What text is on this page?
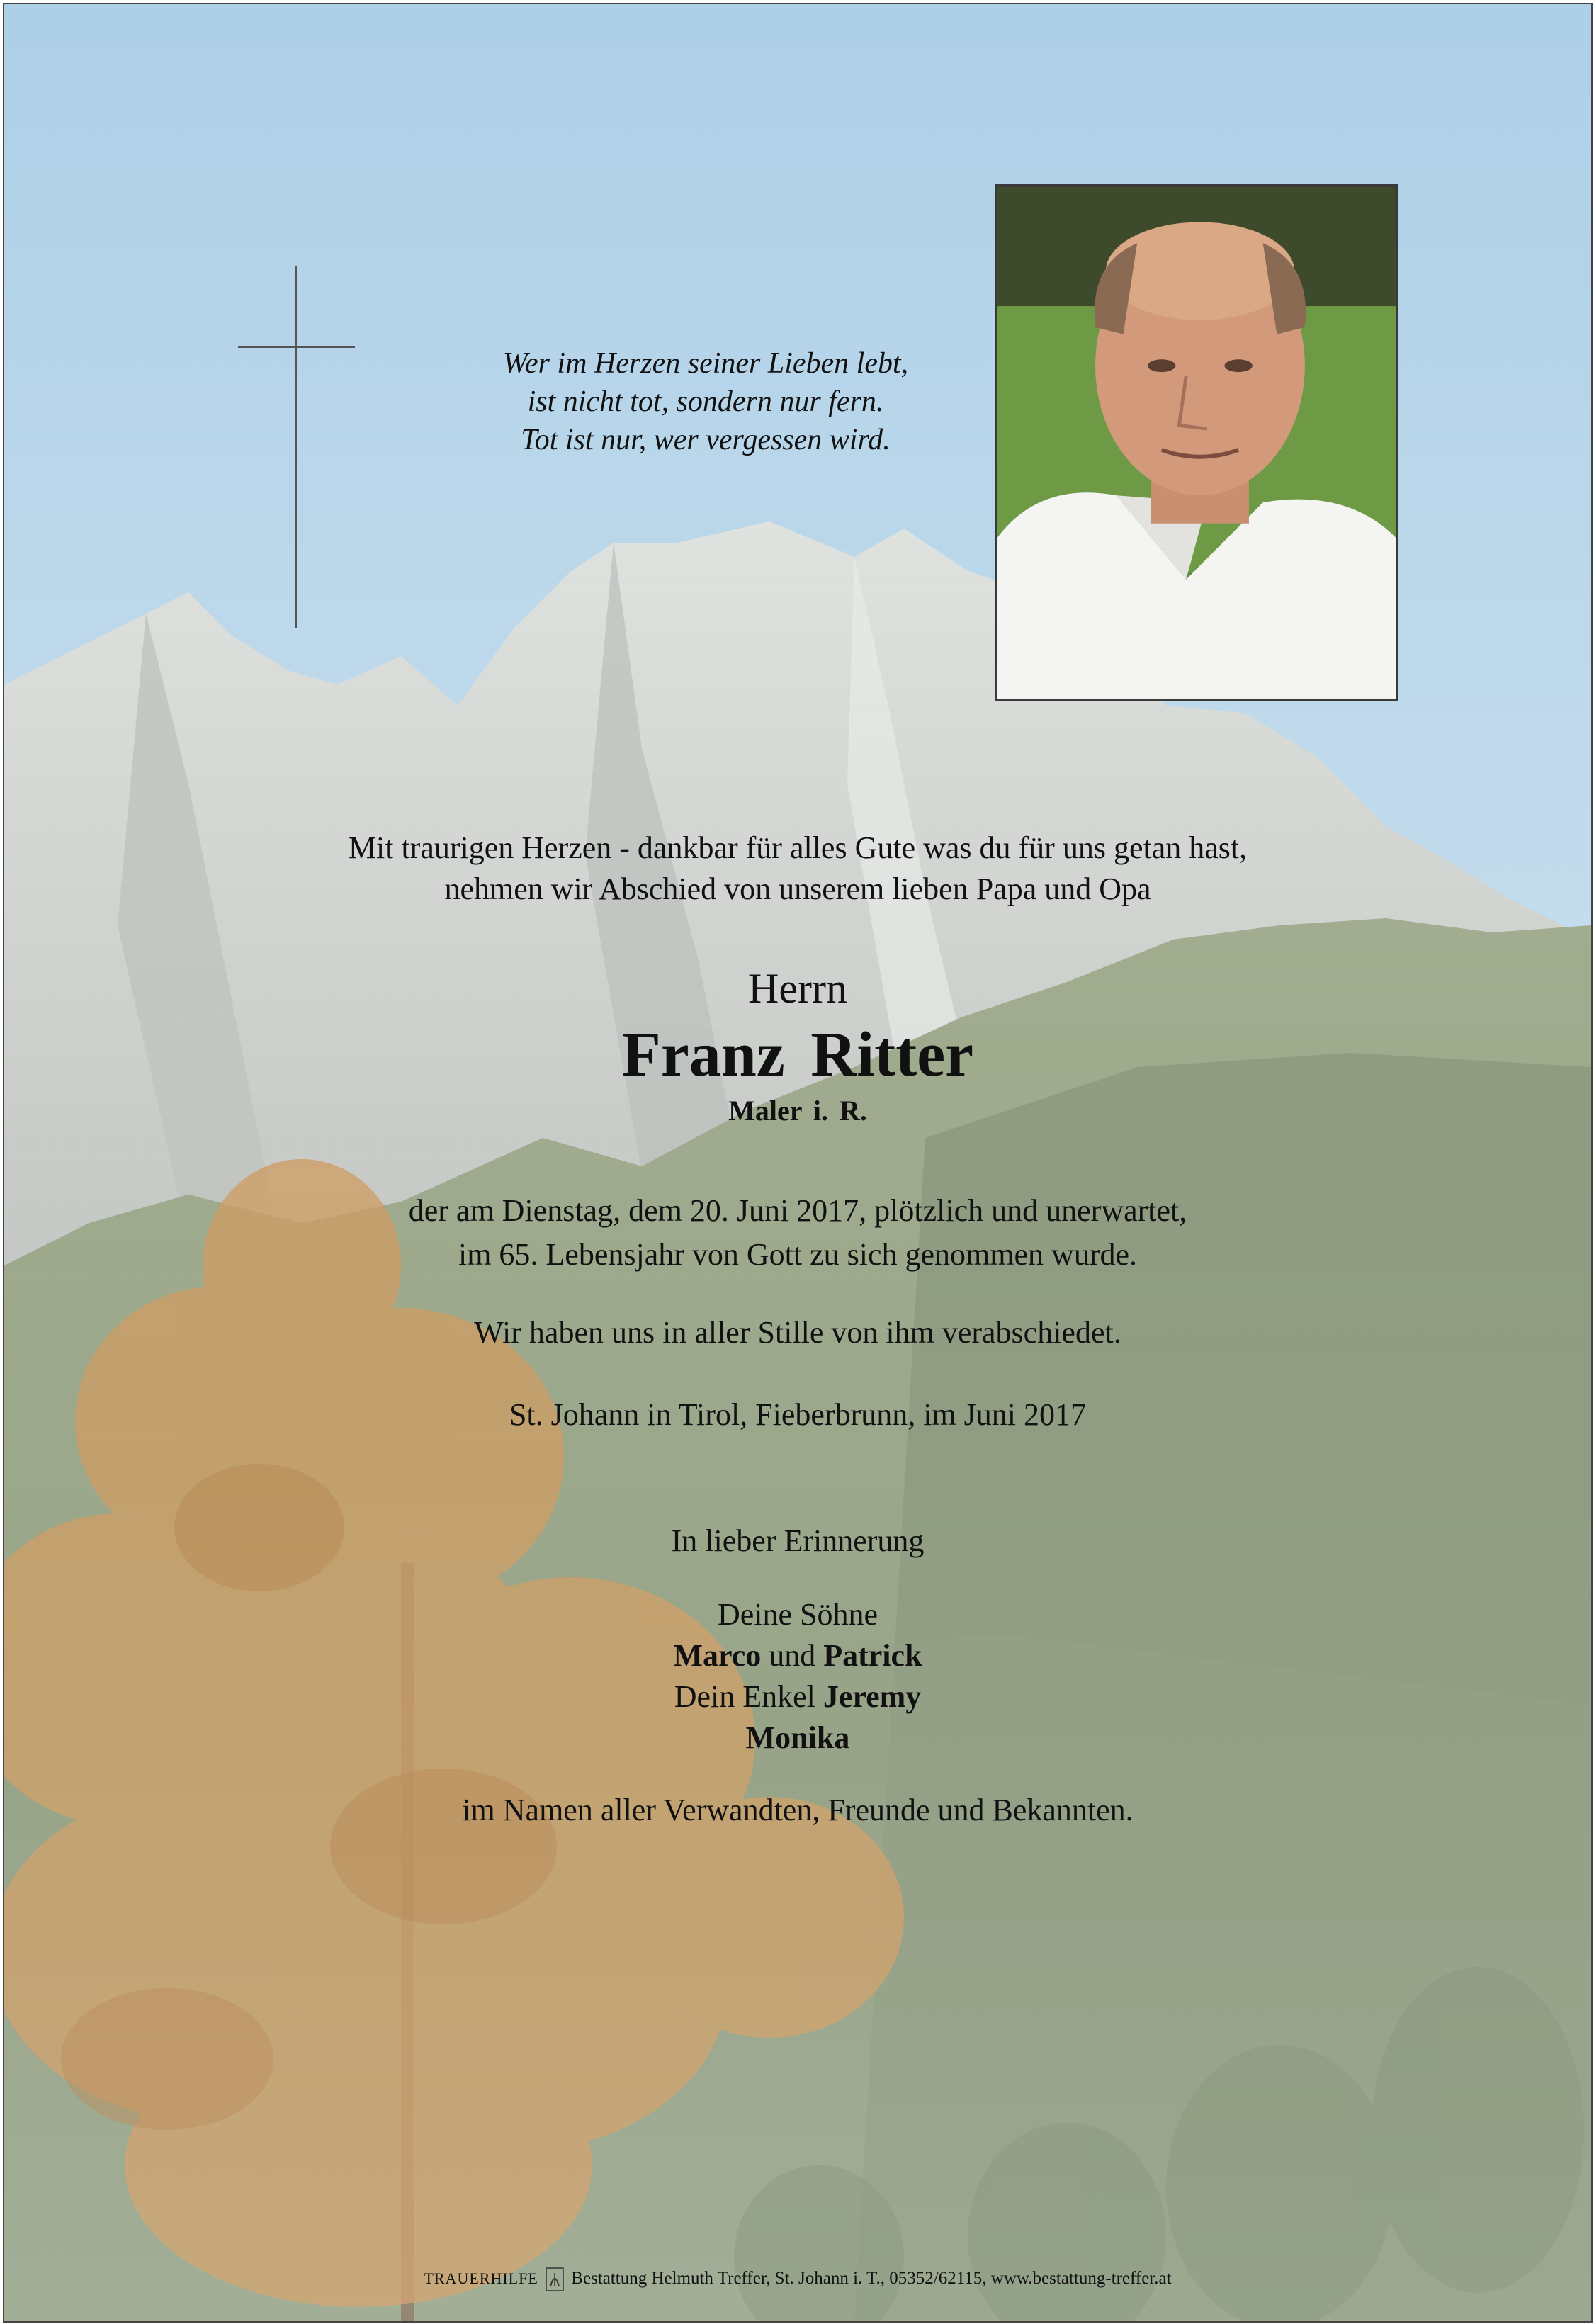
Wer im Herzen seiner Lieben lebt,
ist nicht tot, sondern nur fern.
Tot ist nur, wer vergessen wird.
Mit traurigen Herzen - dankbar für alles Gute was du für uns getan hast,
nehmen wir Abschied von unserem lieben Papa und Opa
Herrn
Franz Ritter
Maler i. R.
der am Dienstag, dem 20. Juni 2017, plötzlich und unerwartet,
im 65. Lebensjahr von Gott zu sich genommen wurde.
Wir haben uns in aller Stille von ihm verabschiedet.
St. Johann in Tirol, Fieberbrunn, im Juni 2017
In lieber Erinnerung
Deine Söhne
Marco und Patrick
Dein Enkel Jeremy
Monika
im Namen aller Verwandten, Freunde und Bekannten.
TRAUERHILFE Bestattung Helmuth Treffer, St. Johann i. T., 05352/62115, www.bestattung-treffer.at
